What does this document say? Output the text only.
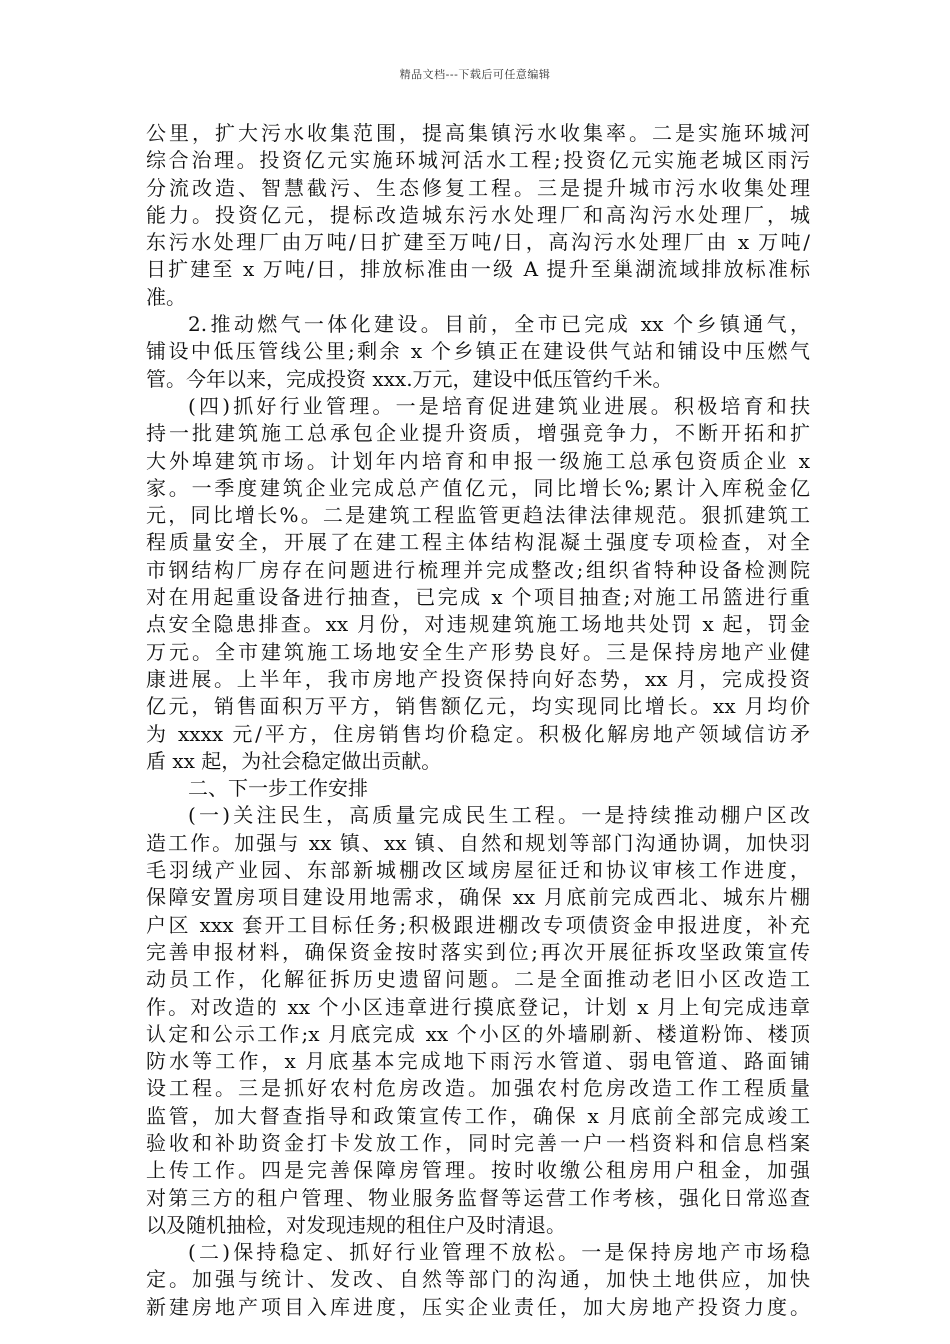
精品文档---下载后可任意编辑
公里，扩大污水收集范围，提高集镇污水收集率。二是实施环城河
综合治理。投资亿元实施环城河活水工程;投资亿元实施老城区雨污
分流改造、智慧截污、生态修复工程。三是提升城市污水收集处理
能力。投资亿元，提标改造城东污水处理厂和高沟污水处理厂，城
东污水处理厂由万吨/日扩建至万吨/日，高沟污水处理厂由 x 万吨/
日扩建至 x 万吨/日，排放标准由一级 A 提升至巢湖流域排放标准标
准。
2.推动燃气一体化建设。目前，全市已完成 xx 个乡镇通气，
铺设中低压管线公里;剩余 x 个乡镇正在建设供气站和铺设中压燃气
管。今年以来，完成投资 xxx.万元，建设中低压管约千米。
(四)抓好行业管理。一是培育促进建筑业进展。积极培育和扶
持一批建筑施工总承包企业提升资质，增强竞争力，不断开拓和扩
大外埠建筑市场。计划年内培育和申报一级施工总承包资质企业 x
家。一季度建筑企业完成总产值亿元，同比增长%;累计入库税金亿
元，同比增长%。二是建筑工程监管更趋法律法律规范。狠抓建筑工
程质量安全，开展了在建工程主体结构混凝土强度专项检查，对全
市钢结构厂房存在问题进行梳理并完成整改;组织省特种设备检测院
对在用起重设备进行抽查，已完成 x 个项目抽查;对施工吊篮进行重
点安全隐患排查。xx 月份，对违规建筑施工场地共处罚 x 起，罚金
万元。全市建筑施工场地安全生产形势良好。三是保持房地产业健
康进展。上半年，我市房地产投资保持向好态势，xx 月，完成投资
亿元，销售面积万平方，销售额亿元，均实现同比增长。xx 月均价
为 xxxx 元/平方，住房销售均价稳定。积极化解房地产领域信访矛
盾 xx 起，为社会稳定做出贡献。
二、下一步工作安排
(一)关注民生，高质量完成民生工程。一是持续推动棚户区改
造工作。加强与 xx 镇、xx 镇、自然和规划等部门沟通协调，加快羽
毛羽绒产业园、东部新城棚改区域房屋征迁和协议审核工作进度，
保障安置房项目建设用地需求，确保 xx 月底前完成西北、城东片棚
户区 xxx 套开工目标任务;积极跟进棚改专项债资金申报进度，补充
完善申报材料，确保资金按时落实到位;再次开展征拆攻坚政策宣传
动员工作，化解征拆历史遗留问题。二是全面推动老旧小区改造工
作。对改造的 xx 个小区违章进行摸底登记，计划 x 月上旬完成违章
认定和公示工作;x 月底完成 xx 个小区的外墙刷新、楼道粉饰、楼顶
防水等工作，x 月底基本完成地下雨污水管道、弱电管道、路面铺
设工程。三是抓好农村危房改造。加强农村危房改造工作工程质量
监管，加大督查指导和政策宣传工作，确保 x 月底前全部完成竣工
验收和补助资金打卡发放工作，同时完善一户一档资料和信息档案
上传工作。四是完善保障房管理。按时收缴公租房用户租金，加强
对第三方的租户管理、物业服务监督等运营工作考核，强化日常巡查
以及随机抽检，对发现违规的租住户及时清退。
(二)保持稳定、抓好行业管理不放松。一是保持房地产市场稳
定。加强与统计、发改、自然等部门的沟通，加快土地供应，加快
新建房地产项目入库进度，压实企业责任，加大房地产投资力度。
